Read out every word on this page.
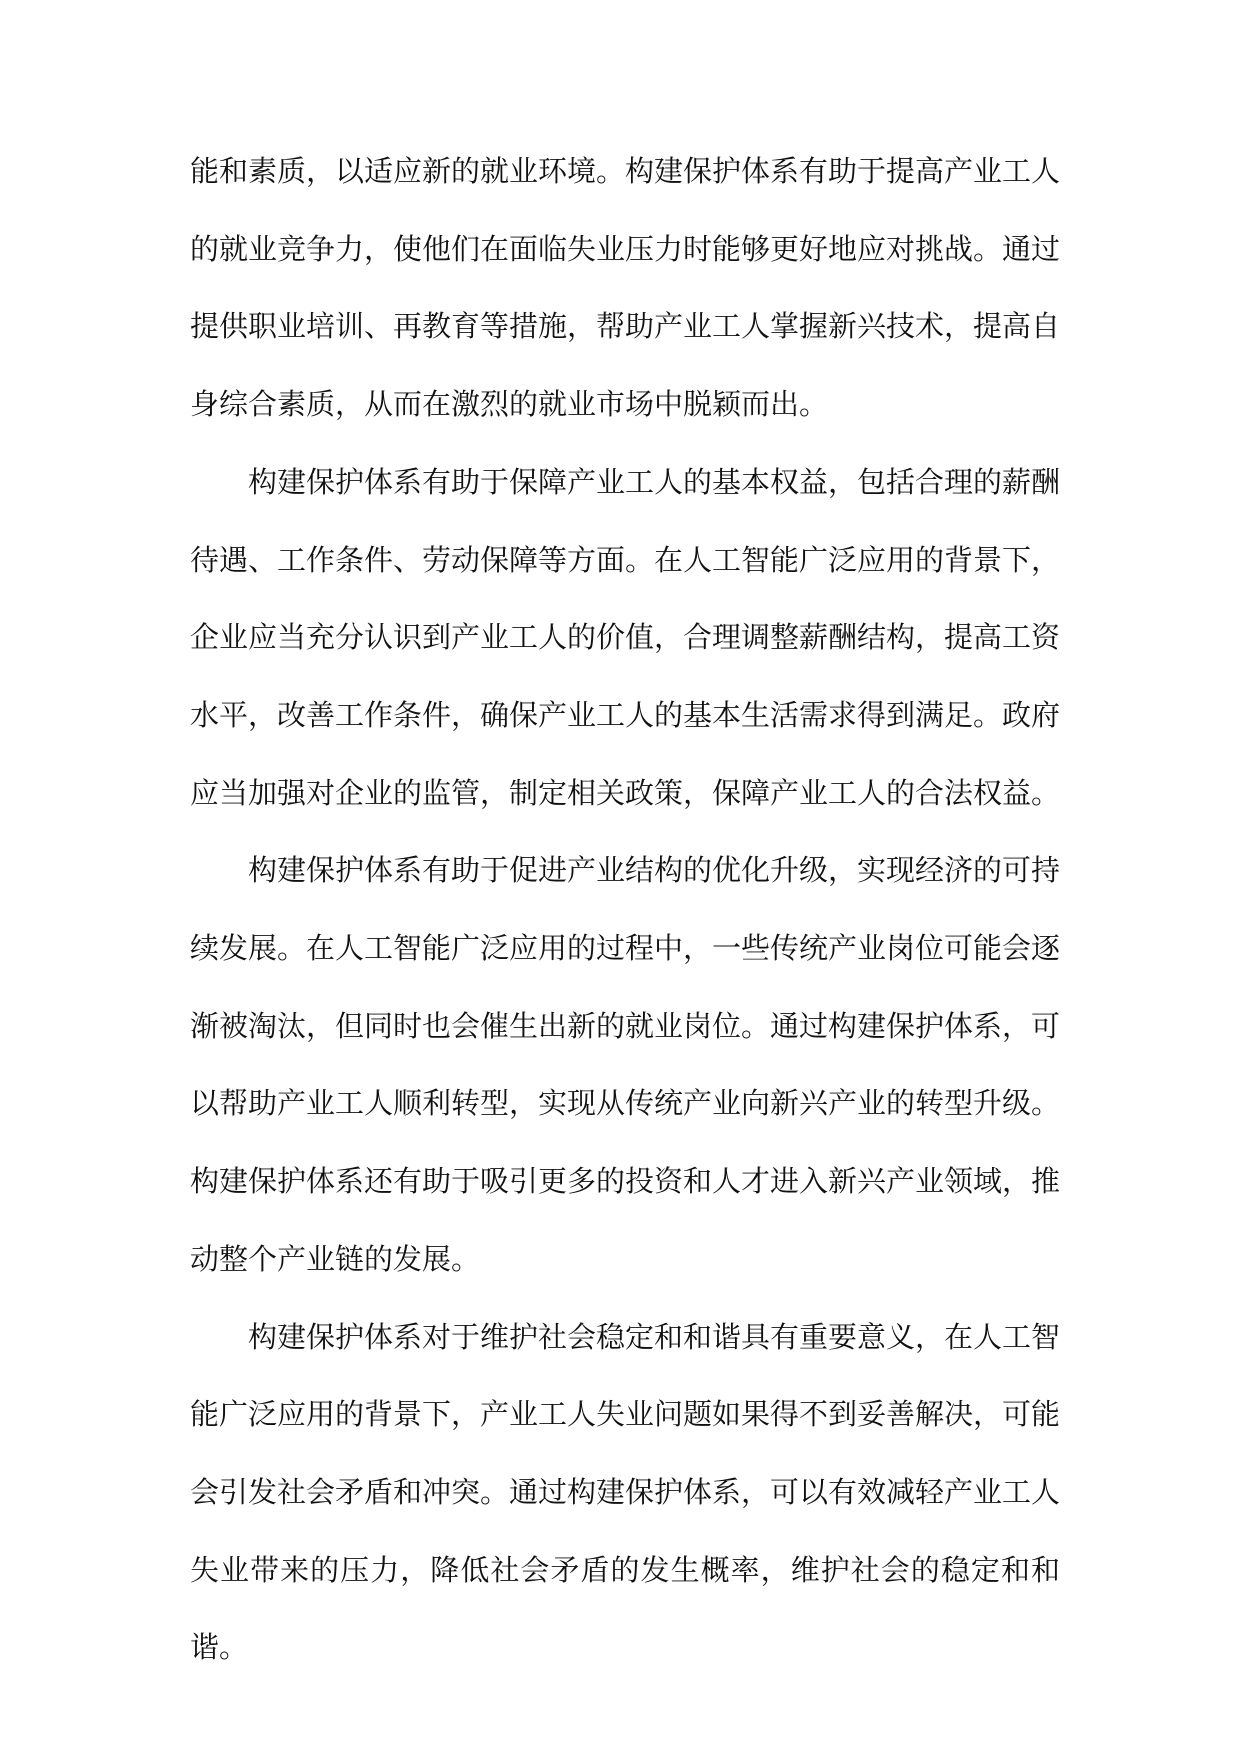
能和素质，以适应新的就业环境。构建保护体系有助于提高产业工人的就业竞争力，使他们在面临失业压力时能够更好地应对挑战。通过提供职业培训、再教育等措施，帮助产业工人掌握新兴技术，提高自身综合素质，从而在激烈的就业市场中脱颖而出。

构建保护体系有助于保障产业工人的基本权益，包括合理的薪酬待遇、工作条件、劳动保障等方面。在人工智能广泛应用的背景下，企业应当充分认识到产业工人的价值，合理调整薪酬结构，提高工资水平，改善工作条件，确保产业工人的基本生活需求得到满足。政府应当加强对企业的监管，制定相关政策，保障产业工人的合法权益。

构建保护体系有助于促进产业结构的优化升级，实现经济的可持续发展。在人工智能广泛应用的过程中，一些传统产业岗位可能会逐渐被淘汰，但同时也会催生出新的就业岗位。通过构建保护体系，可以帮助产业工人顺利转型，实现从传统产业向新兴产业的转型升级。构建保护体系还有助于吸引更多的投资和人才进入新兴产业领域，推动整个产业链的发展。

构建保护体系对于维护社会稳定和和谐具有重要意义，在人工智能广泛应用的背景下，产业工人失业问题如果得不到妥善解决，可能会引发社会矛盾和冲突。通过构建保护体系，可以有效减轻产业工人失业带来的压力，降低社会矛盾的发生概率，维护社会的稳定和和谐。
